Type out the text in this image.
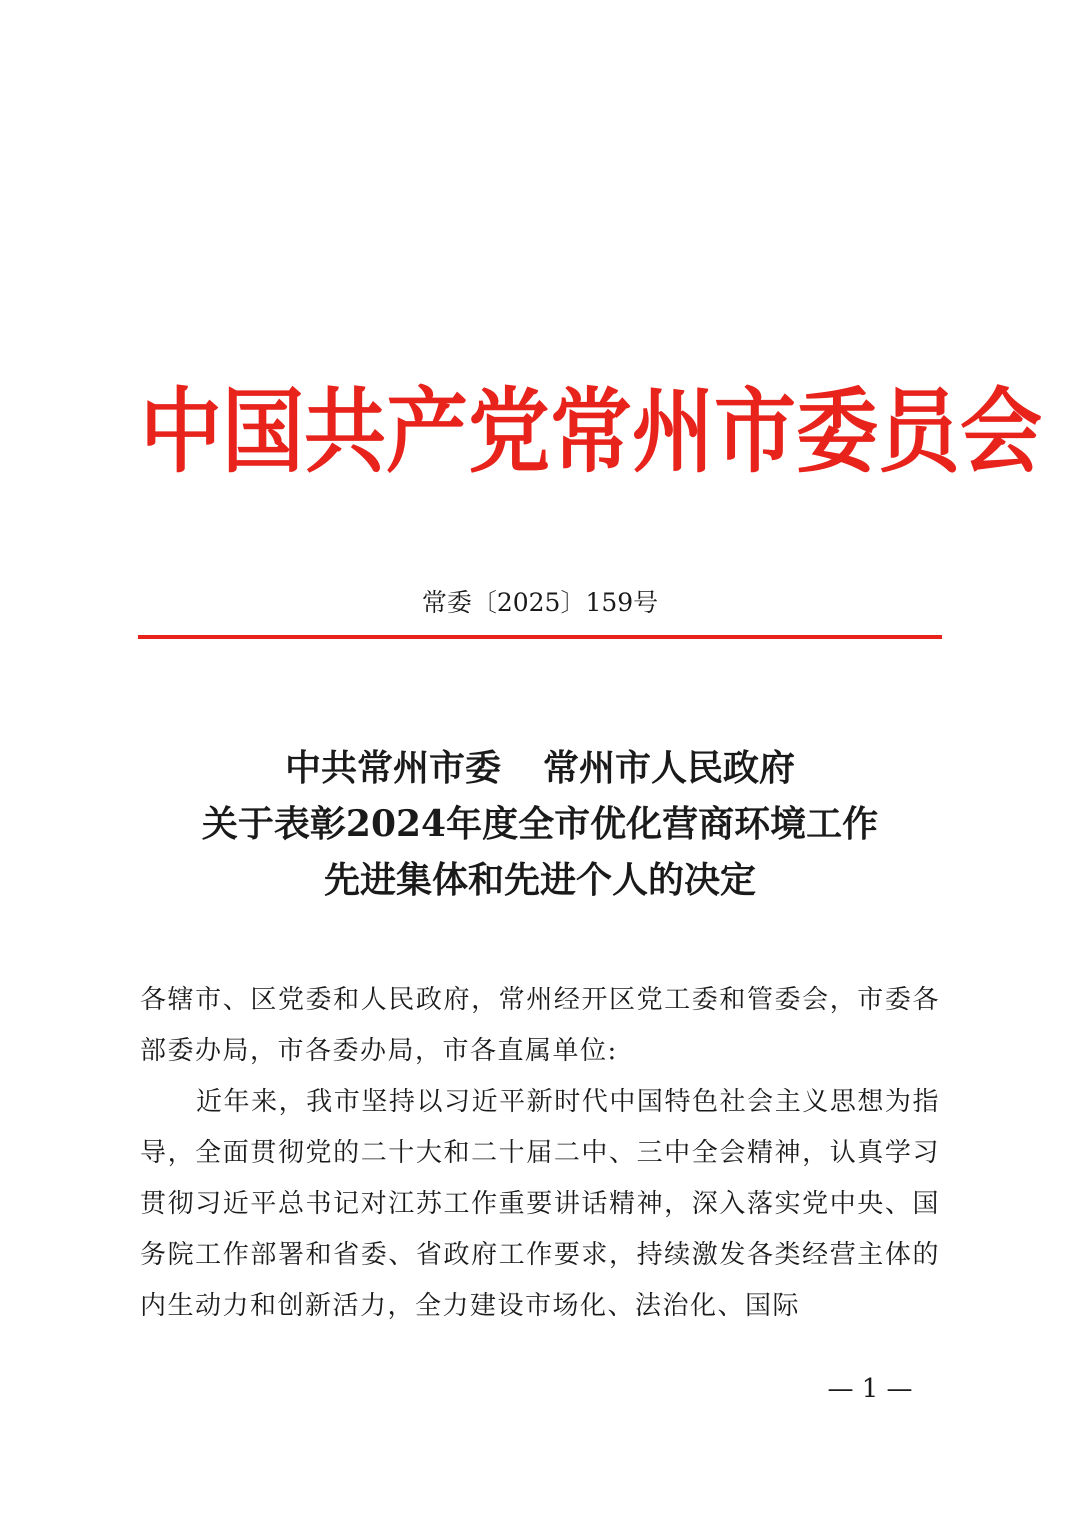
中国共产党常州市委员会
常委〔2025〕159号
中共常州市委 常州市人民政府
关于表彰2024年度全市优化营商环境工作
先进集体和先进个人的决定

各辖市、区党委和人民政府，常州经开区党工委和管委会，市委各部委办局，市各委办局，市各直属单位:

近年来，我市坚持以习近平新时代中国特色社会主义思想为指导，全面贯彻党的二十大和二十届二中、三中全会精神，认真学习贯彻习近平总书记对江苏工作重要讲话精神，深入落实党中央、国务院工作部署和省委、省政府工作要求，持续激发各类经营主体的内生动力和创新活力，全力建设市场化、法治化、国际

— 1 —
